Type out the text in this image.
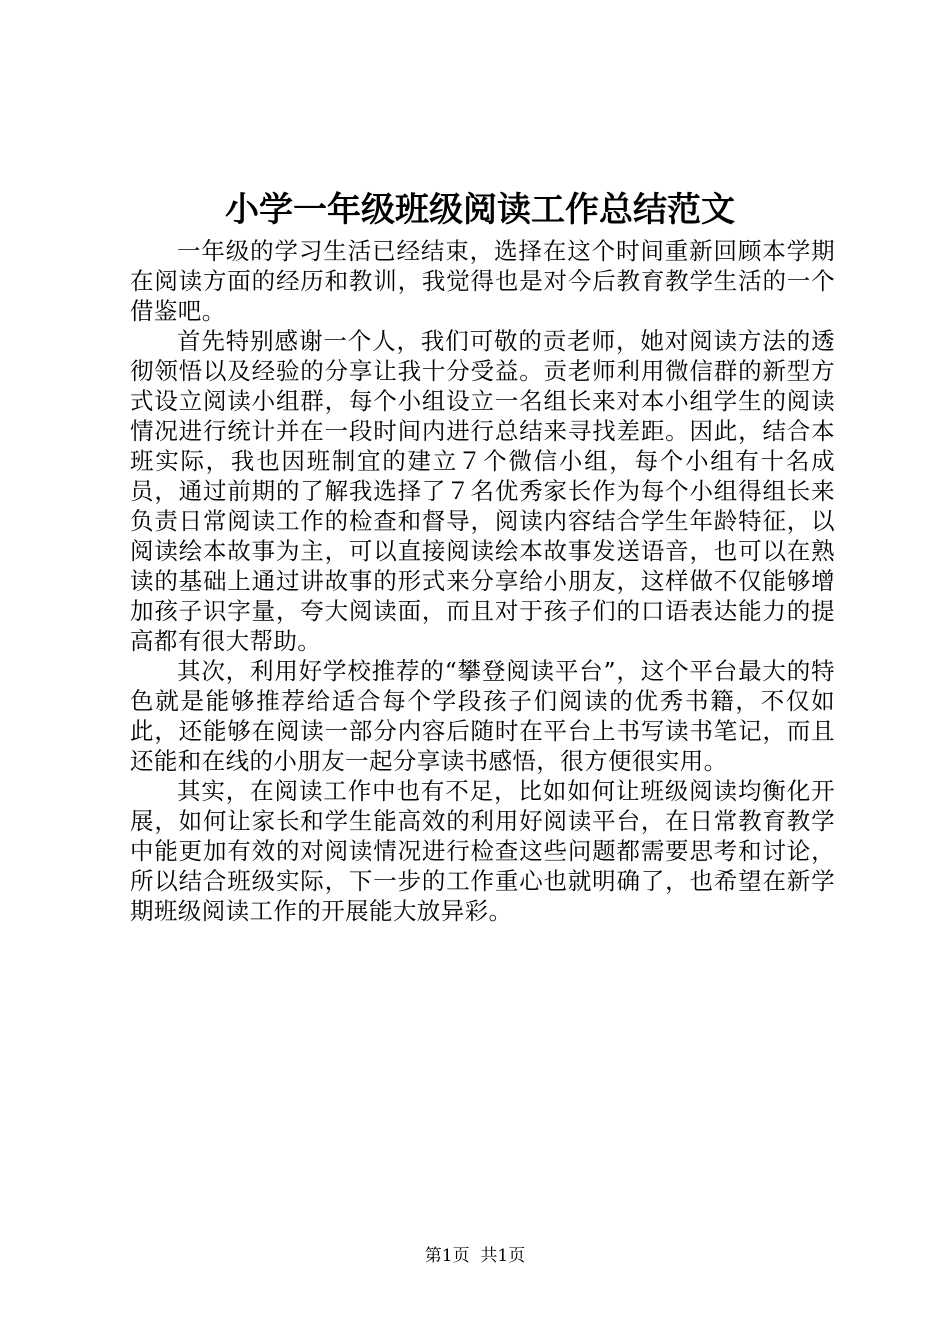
小学一年级班级阅读工作总结范文

一年级的学习生活已经结束，选择在这个时间重新回顾本学期在阅读方面的经历和教训，我觉得也是对今后教育教学生活的一个借鉴吧。

首先特别感谢一个人，我们可敬的贡老师，她对阅读方法的透彻领悟以及经验的分享让我十分受益。贡老师利用微信群的新型方式设立阅读小组群，每个小组设立一名组长来对本小组学生的阅读情况进行统计并在一段时间内进行总结来寻找差距。因此，结合本班实际，我也因班制宜的建立７个微信小组，每个小组有十名成员，通过前期的了解我选择了７名优秀家长作为每个小组得组长来负责日常阅读工作的检查和督导，阅读内容结合学生年龄特征，以阅读绘本故事为主，可以直接阅读绘本故事发送语音，也可以在熟读的基础上通过讲故事的形式来分享给小朋友，这样做不仅能够增加孩子识字量，夸大阅读面，而且对于孩子们的口语表达能力的提高都有很大帮助。

其次，利用好学校推荐的“攀登阅读平台”，这个平台最大的特色就是能够推荐给适合每个学段孩子们阅读的优秀书籍，不仅如此，还能够在阅读一部分内容后随时在平台上书写读书笔记，而且还能和在线的小朋友一起分享读书感悟，很方便很实用。

其实，在阅读工作中也有不足，比如如何让班级阅读均衡化开展，如何让家长和学生能高效的利用好阅读平台，在日常教育教学中能更加有效的对阅读情况进行检查这些问题都需要思考和讨论，所以结合班级实际，下一步的工作重心也就明确了，也希望在新学期班级阅读工作的开展能大放异彩。

第1页 共1页
